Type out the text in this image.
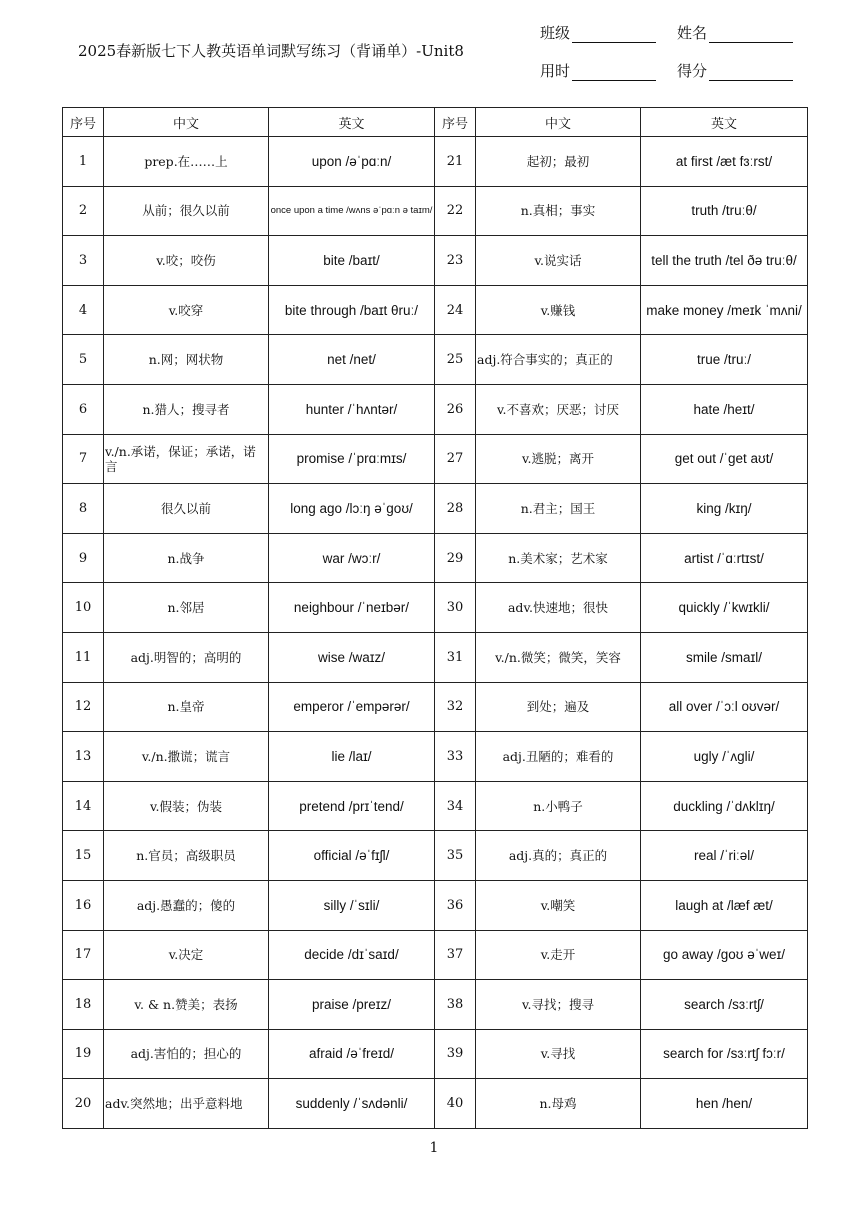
2025春新版七下人教英语单词默写练习（背诵单）-Unit8
班级	姓名
用时	得分
序号	中文	英文	序号	中文	英文
1	prep.在……上	upon /əˈpɑːn/	21	起初；最初	at first /æt fɜːrst/
2	从前；很久以前	once upon a time /wʌns əˈpɑːn ə taɪm/	22	n.真相；事实	truth /truːθ/
3	v.咬；咬伤	bite /baɪt/	23	v.说实话	tell the truth /tel ðə truːθ/
4	v.咬穿	bite through /baɪt θruː/	24	v.赚钱	make money /meɪk ˈmʌni/
5	n.网；网状物	net /net/	25	adj.符合事实的；真正的	true /truː/
6	n.猎人；搜寻者	hunter /ˈhʌntər/	26	v.不喜欢；厌恶；讨厌	hate /heɪt/
7	v./n.承诺，保证；承诺，诺言	promise /ˈprɑːmɪs/	27	v.逃脱；离开	get out /ˈget aʊt/
8	很久以前	long ago /lɔːŋ əˈgoʊ/	28	n.君主；国王	king /kɪŋ/
9	n.战争	war /wɔːr/	29	n.美术家；艺术家	artist /ˈɑːrtɪst/
10	n.邻居	neighbour /ˈneɪbər/	30	adv.快速地；很快	quickly /ˈkwɪkli/
11	adj.明智的；高明的	wise /waɪz/	31	v./n.微笑；微笑，笑容	smile /smaɪl/
12	n.皇帝	emperor /ˈempərər/	32	到处；遍及	all over /ˈɔːl oʊvər/
13	v./n.撒谎；谎言	lie /laɪ/	33	adj.丑陋的；难看的	ugly /ˈʌgli/
14	v.假装；伪装	pretend /prɪˈtend/	34	n.小鸭子	duckling /ˈdʌklɪŋ/
15	n.官员；高级职员	official /əˈfɪʃl/	35	adj.真的；真正的	real /ˈriːəl/
16	adj.愚蠢的；傻的	silly /ˈsɪli/	36	v.嘲笑	laugh at /læf æt/
17	v.决定	decide /dɪˈsaɪd/	37	v.走开	go away /goʊ əˈweɪ/
18	v. & n.赞美；表扬	praise /preɪz/	38	v.寻找；搜寻	search /sɜːrtʃ/
19	adj.害怕的；担心的	afraid /əˈfreɪd/	39	v.寻找	search for /sɜːrtʃ fɔːr/
20	adv.突然地；出乎意料地	suddenly /ˈsʌdənli/	40	n.母鸡	hen /hen/
1
